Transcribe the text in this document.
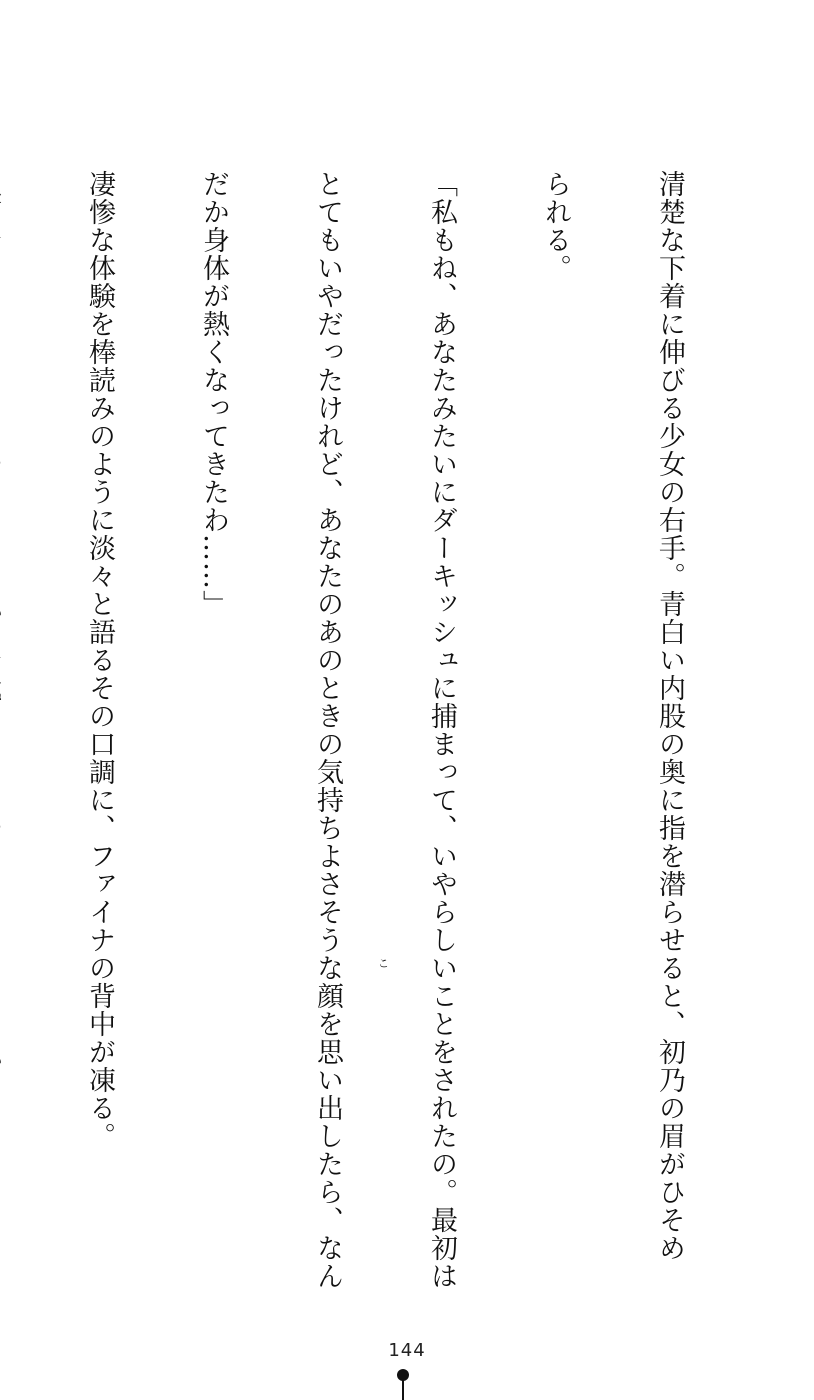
清楚な下着に伸びる少女の右手。青白い内股の奥に指を潜らせると、初乃の眉がひそめ

られる。

「私もね、あなたみたいにダーキッシュに捕まって、いやらしいことをされたの。最初は

とてもいやだったけれど、あなたのあのときの気持ちよさそうな顔を思い出したら、なん

だか身体が熱くなってきたわ……」

凄惨な体験を棒読みのように淡々と語るその口調に、ファイナの背中が凍る。

	こ
144
